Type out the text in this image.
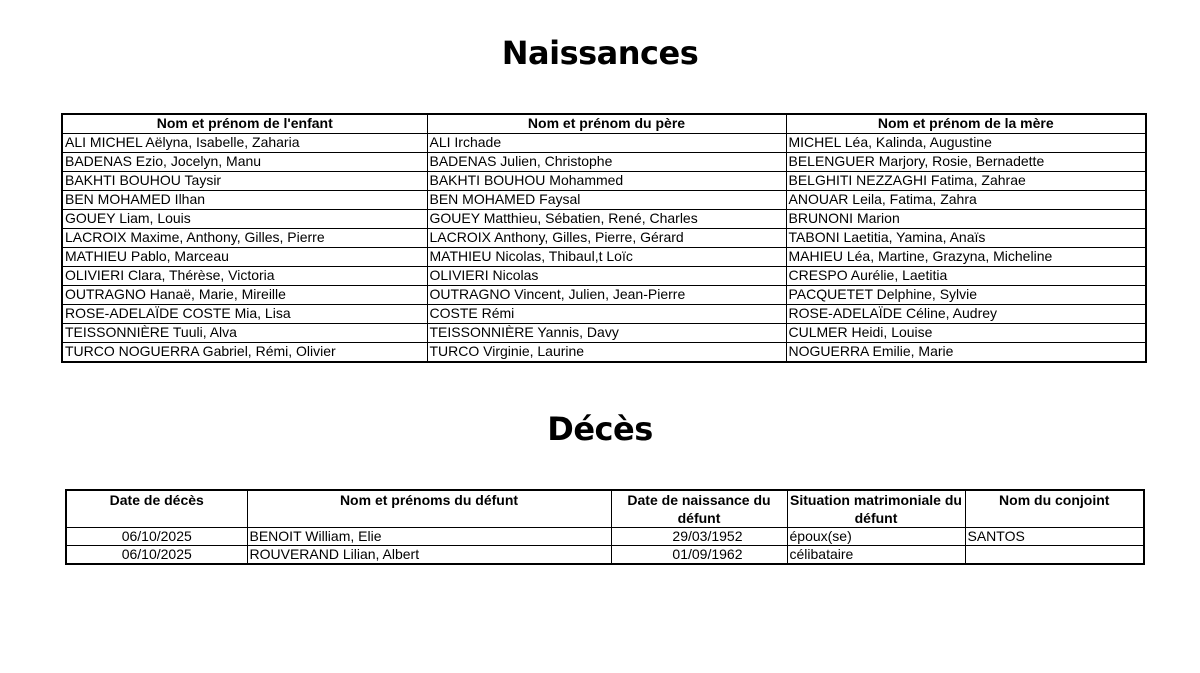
Naissances
Nom et prénom de l'enfant	Nom et prénom du père	Nom et prénom de la mère
ALI MICHEL Aëlyna, Isabelle, Zaharia	ALI Irchade	MICHEL Léa, Kalinda, Augustine
BADENAS Ezio, Jocelyn, Manu	BADENAS Julien, Christophe	BELENGUER Marjory, Rosie, Bernadette
BAKHTI BOUHOU Taysir	BAKHTI BOUHOU Mohammed	BELGHITI NEZZAGHI Fatima, Zahrae
BEN MOHAMED Ilhan	BEN MOHAMED Faysal	ANOUAR Leila, Fatima, Zahra
GOUEY Liam, Louis	GOUEY Matthieu, Sébatien, René, Charles	BRUNONI Marion
LACROIX Maxime, Anthony, Gilles, Pierre	LACROIX Anthony, Gilles, Pierre, Gérard	TABONI Laetitia, Yamina, Anaïs
MATHIEU Pablo, Marceau	MATHIEU Nicolas, Thibaul,t Loïc	MAHIEU Léa, Martine, Grazyna, Micheline
OLIVIERI Clara, Thérèse, Victoria	OLIVIERI Nicolas	CRESPO Aurélie, Laetitia
OUTRAGNO Hanaë, Marie, Mireille	OUTRAGNO Vincent, Julien, Jean-Pierre	PACQUETET Delphine, Sylvie
ROSE-ADELAÏDE COSTE Mia, Lisa	COSTE Rémi	ROSE-ADELAÏDE Céline, Audrey
TEISSONNIÈRE Tuuli, Alva	TEISSONNIÈRE Yannis, Davy	CULMER Heidi, Louise
TURCO NOGUERRA Gabriel, Rémi, Olivier	TURCO Virginie, Laurine	NOGUERRA Emilie, Marie
Décès
Date de décès	Nom et prénoms du défunt	Date de naissance du défunt	Situation matrimoniale du défunt	Nom du conjoint
06/10/2025	BENOIT William, Elie	29/03/1952	époux(se)	SANTOS
06/10/2025	ROUVERAND Lilian, Albert	01/09/1962	célibataire	
